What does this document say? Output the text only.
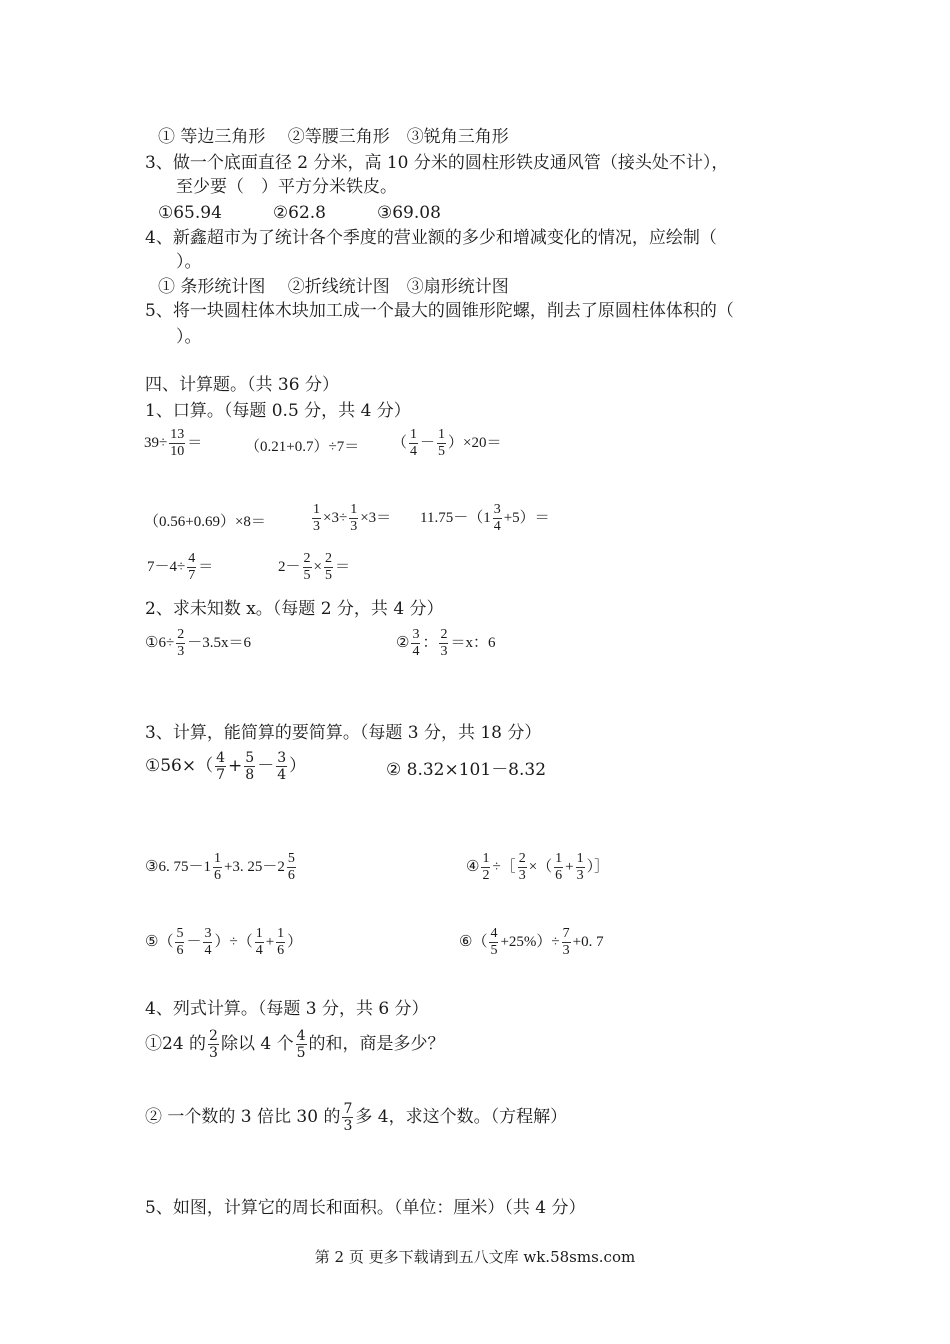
① 等边三角形　 ②等腰三角形　③锐角三角形
3、做一个底面直径 2 分米，高 10 分米的圆柱形铁皮通风管（接头处不计），
至少要（　）平方分米铁皮。
①65.94　　　②62.8　　　③69.08
4、新鑫超市为了统计各个季度的营业额的多少和增减变化的情况，应绘制（
）。
① 条形统计图　 ②折线统计图　③扇形统计图
5、将一块圆柱体木块加工成一个最大的圆锥形陀螺，削去了原圆柱体体积的（
）。
四、计算题。（共 36 分）
1、口算。（每题 0.5 分，共 4 分）
$39\div \frac{13}{10}$ ＝	（0.21+0.7）÷7＝ （ $\frac{1}{4} - \frac{1}{5} )\times 20=$
（0.56+0.69）×8＝	$\frac{1}{3} \times 3\div \frac{1}{3} \times 3= 11.75-(1 \frac{3}{4} +5)=$
$7-4\div \frac{4}{7}$ ＝	$2- \frac{2}{5} \times \frac{2}{5}$ ＝
2、求未知数 x。（每题 2 分，共 4 分）
①6÷ $\frac{2}{3} -3.5x=6$	② $\frac{3}{4}$ ： $\frac{2}{3} =x$：6
3、计算，能简算的要简算。（每题 3 分，共 18 分）
①56×（ $\frac{4}{7} + \frac{5}{8} - \frac{3}{4}$ ）	② 8.32×101－8.32
③6. $75-1 \frac{1}{6} +3$. $25-2 \frac{5}{6}$	④ $\frac{1}{2}$ ÷［ $\frac{2}{3}$ ×（ $\frac{1}{6} + \frac{1}{3}$ ）］
⑤（ $\frac{5}{6} - \frac{3}{4}$ ）÷（ $\frac{1}{4} + \frac{1}{6}$ ）	⑥（ $\frac{4}{5} +25\%)\div \frac{7}{3} +0$. 7
4、列式计算。（每题 3 分，共 6 分）
①24 的 $\frac{2}{3}$ 除以 4 个 $\frac{4}{5}$ 的和，商是多少？
② 一个数的 3 倍比 30 的 $\frac{7}{3}$ 多 4，求这个数。（方程解）
5、如图，计算它的周长和面积。（单位：厘米）（共 4 分）
第 2 页 更多下载请到五八文库 wk.58sms.com
